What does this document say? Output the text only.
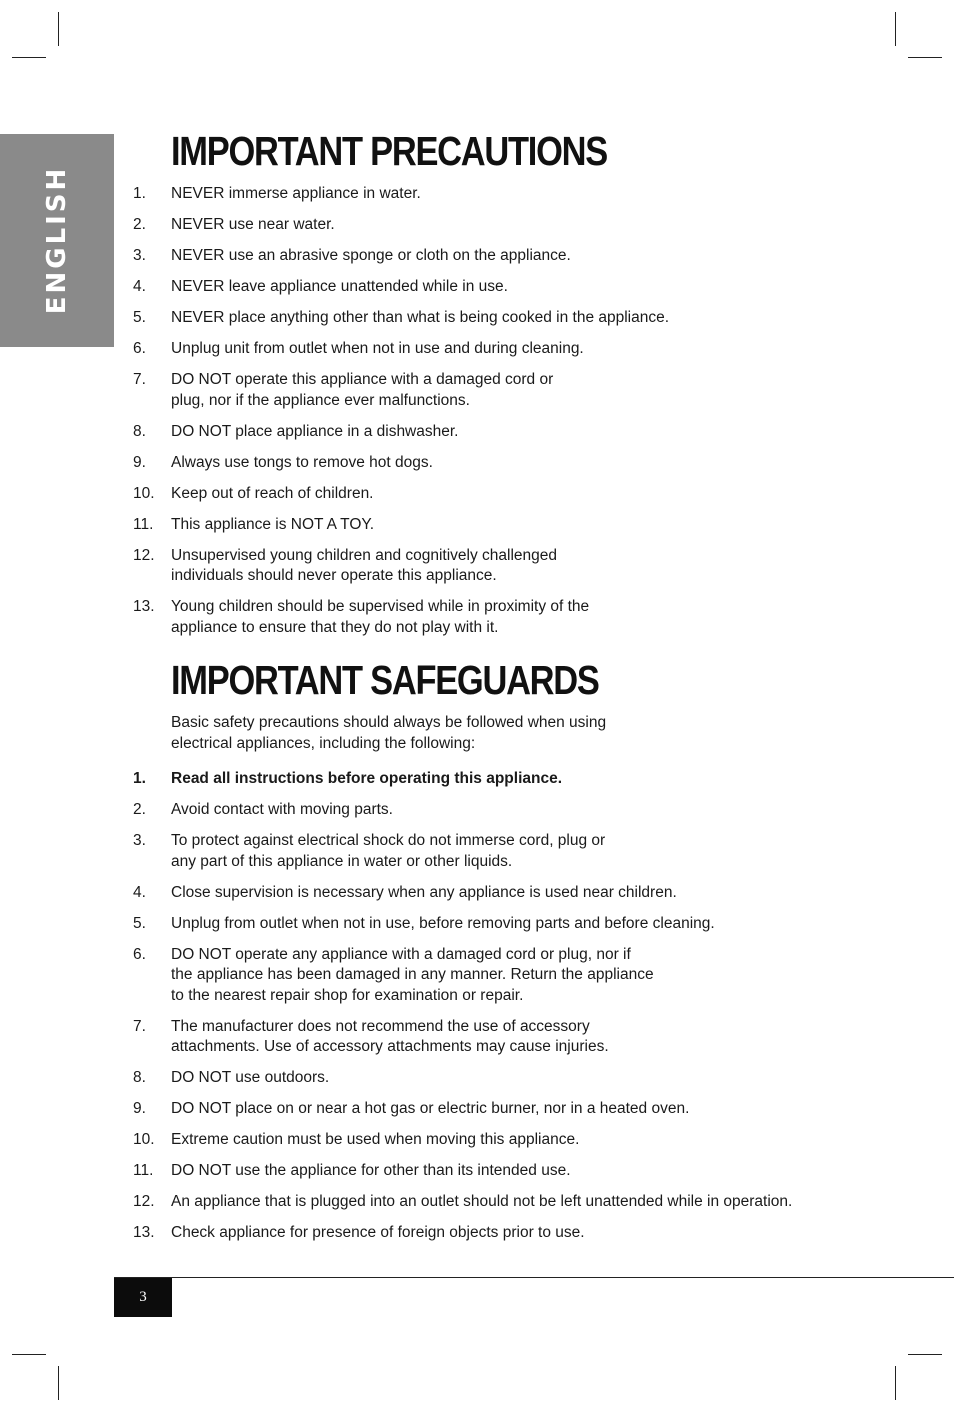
ENGLISH
IMPORTANT PRECAUTIONS
1. NEVER immerse appliance in water.
2. NEVER use near water.
3. NEVER use an abrasive sponge or cloth on the appliance.
4. NEVER leave appliance unattended while in use.
5. NEVER place anything other than what is being cooked in the appliance.
6. Unplug unit from outlet when not in use and during cleaning.
7. DO NOT operate this appliance with a damaged cord or
plug, nor if the appliance ever malfunctions.
8. DO NOT place appliance in a dishwasher.
9. Always use tongs to remove hot dogs.
10. Keep out of reach of children.
11. This appliance is NOT A TOY.
12. Unsupervised young children and cognitively challenged
individuals should never operate this appliance.
13. Young children should be supervised while in proximity of the
appliance to ensure that they do not play with it.
IMPORTANT SAFEGUARDS

Basic safety precautions should always be followed when using
electrical appliances, including the following:

1. Read all instructions before operating this appliance.
2. Avoid contact with moving parts.
3. To protect against electrical shock do not immerse cord, plug or
any part of this appliance in water or other liquids.
4. Close supervision is necessary when any appliance is used near children.
5. Unplug from outlet when not in use, before removing parts and before cleaning.
6. DO NOT operate any appliance with a damaged cord or plug, nor if
the appliance has been damaged in any manner. Return the appliance
to the nearest repair shop for examination or repair.
7. The manufacturer does not recommend the use of accessory
attachments. Use of accessory attachments may cause injuries.
8. DO NOT use outdoors.
9. DO NOT place on or near a hot gas or electric burner, nor in a heated oven.
10. Extreme caution must be used when moving this appliance.
11. DO NOT use the appliance for other than its intended use.
12. An appliance that is plugged into an outlet should not be left unattended while in operation.
13. Check appliance for presence of foreign objects prior to use.
3
